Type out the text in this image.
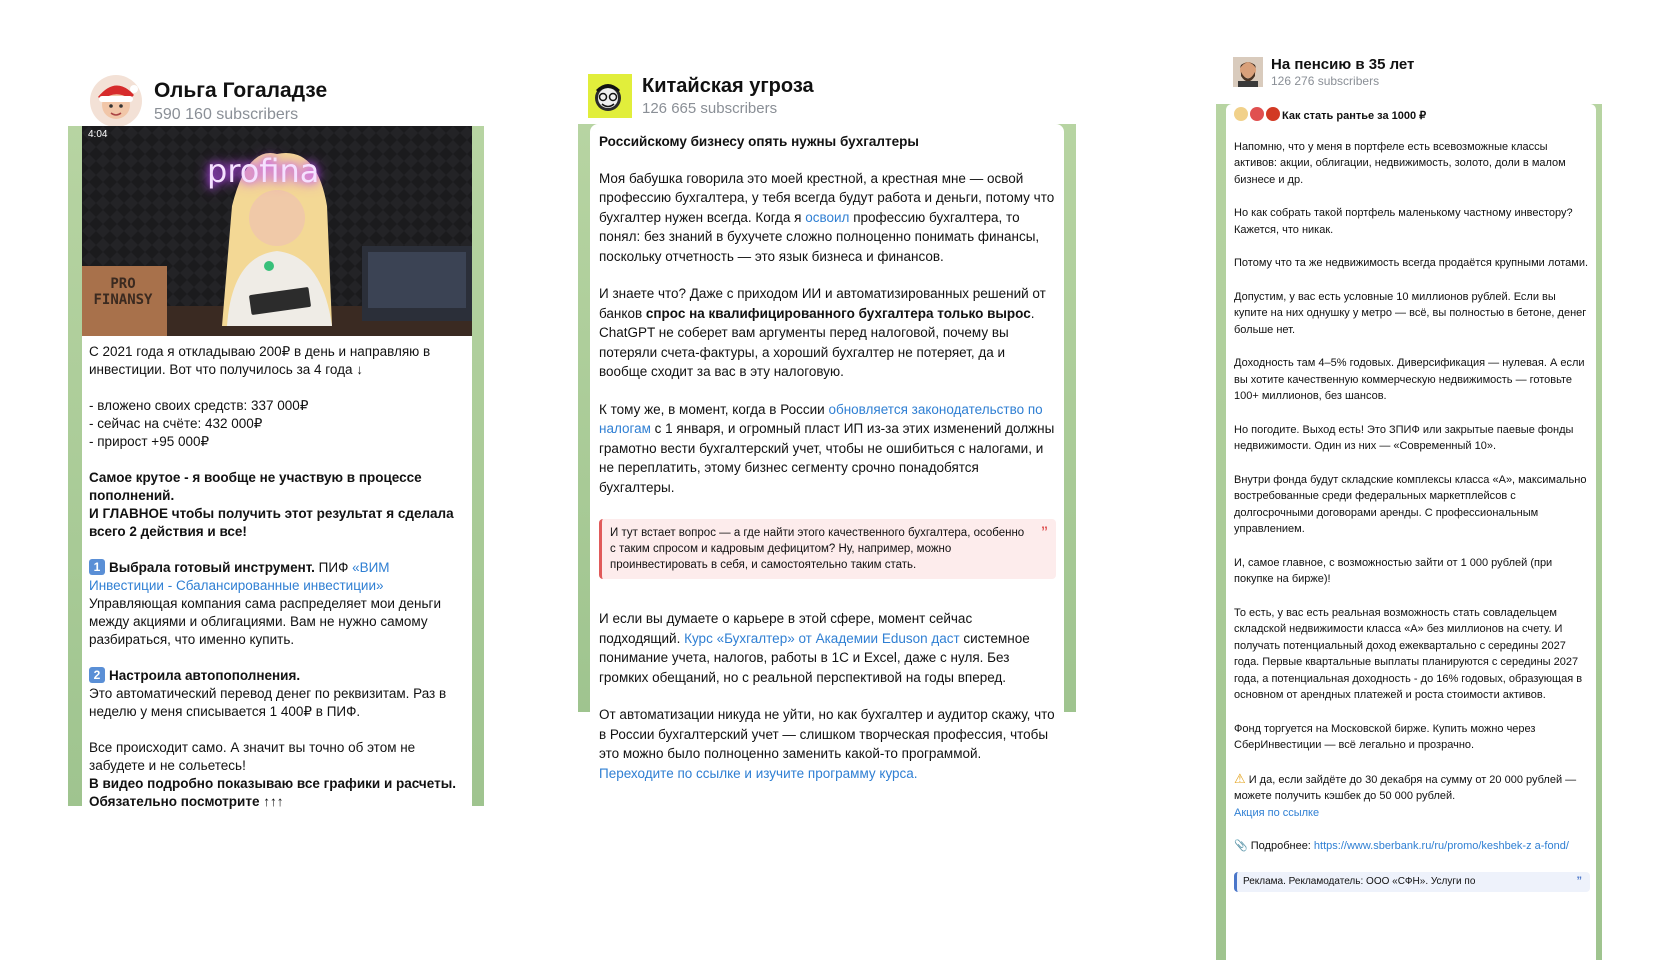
Ольга Гогаладзе
590 160 subscribers
4:04
profina
PRO
FINANSY

С 2021 года я откладываю 200₽ в день и направляю в инвестиции. Вот что получилось за 4 года ↓

- вложено своих средств: 337 000₽

- сейчас на счёте: 432 000₽

- прирост +95 000₽

Самое крутое - я вообще не участвую в процессе пополнений.

И ГЛАВНОЕ чтобы получить этот результат я сделала всего 2 действия и все!

1 Выбрала готовый инструмент. ПИФ «ВИМ Инвестиции - Сбалансированные инвестиции»

Управляющая компания сама распределяет мои деньги между акциями и облигациями. Вам не нужно самому разбираться, что именно купить.

2 Настроила автопополнения.

Это автоматический перевод денег по реквизитам. Раз в неделю у меня списывается 1 400₽ в ПИФ.

Все происходит само. А значит вы точно об этом не забудете и не сольетесь!

В видео подробно показываю все графики и расчеты. Обязательно посмотрите ↑↑↑

Китайская угроза
126 665 subscribers

Российскому бизнесу опять нужны бухгалтеры

Моя бабушка говорила это моей крестной, а крестная мне — освой профессию бухгалтера, у тебя всегда будут работа и деньги, потому что бухгалтер нужен всегда. Когда я освоил профессию бухгалтера, то понял: без знаний в бухучете сложно полноценно понимать финансы, поскольку отчетность — это язык бизнеса и финансов.

И знаете что? Даже с приходом ИИ и автоматизированных решений от банков спрос на квалифицированного бухгалтера только вырос. ChatGPT не соберет вам аргументы перед налоговой, почему вы потеряли счета-фактуры, а хороший бухгалтер не потеряет, да и вообще сходит за вас в эту налоговую.

К тому же, в момент, когда в России обновляется законодательство по налогам с 1 января, и огромный пласт ИП из-за этих изменений должны грамотно вести бухгалтерский учет, чтобы не ошибиться с налогами, и не переплатить, этому бизнес сегменту срочно понадобятся бухгалтеры.

”
И тут встает вопрос — а где найти этого качественного бухгалтера, особенно с таким спросом и кадровым дефицитом? Ну, например, можно проинвестировать в себя, и самостоятельно таким стать.

И если вы думаете о карьере в этой сфере, момент сейчас подходящий. Курс «Бухгалтер» от Академии Eduson даст системное понимание учета, налогов, работы в 1С и Excel, даже с нуля. Без громких обещаний, но с реальной перспективой на годы вперед.

От автоматизации никуда не уйти, но как бухгалтер и аудитор скажу, что в России бухгалтерский учет — слишком творческая профессия, чтобы это можно было полноценно заменить какой-то программой. Переходите по ссылке и изучите программу курса.

На пенсию в 35 лет
126 276 subscribers

Как стать рантье за 1000 ₽

Напомню, что у меня в портфеле есть всевозможные классы активов: акции, облигации, недвижимость, золото, доли в малом бизнесе и др.

Но как собрать такой портфель маленькому частному инвестору? Кажется, что никак.

Потому что та же недвижимость всегда продаётся крупными лотами.

Допустим, у вас есть условные 10 миллионов рублей. Если вы купите на них однушку у метро — всё, вы полностью в бетоне, денег больше нет.

Доходность там 4–5% годовых. Диверсификация — нулевая. А если вы хотите качественную коммерческую недвижимость — готовьте 100+ миллионов, без шансов.

Но погодите. Выход есть! Это ЗПИФ или закрытые паевые фонды недвижимости. Один из них — «Современный 10».

Внутри фонда будут складские комплексы класса «А», максимально востребованные среди федеральных маркетплейсов с долгосрочными договорами аренды. С профессиональным управлением.

И, самое главное, с возможностью зайти от 1 000 рублей (при покупке на бирже)!

То есть, у вас есть реальная возможность стать совладельцем складской недвижимости класса «А» без миллионов на счету. И получать потенциальный доход ежеквартально с середины 2027 года. Первые квартальные выплаты планируются с середины 2027 года, а потенциальная доходность - до 16% годовых, образующая в основном от арендных платежей и роста стоимости активов.

Фонд торгуется на Московской бирже. Купить можно через СберИнвестиции — всё легально и прозрачно.

⚠ И да, если зайдёте до 30 декабря на сумму от 20 000 рублей — можете получить кэшбек до 50 000 рублей.
Акция по ссылке

📎 Подробнее: https://www.sberbank.ru/ru/promo/keshbek-z a-fond/

”
Реклама. Рекламодатель: ООО «СФН». Услуги по
